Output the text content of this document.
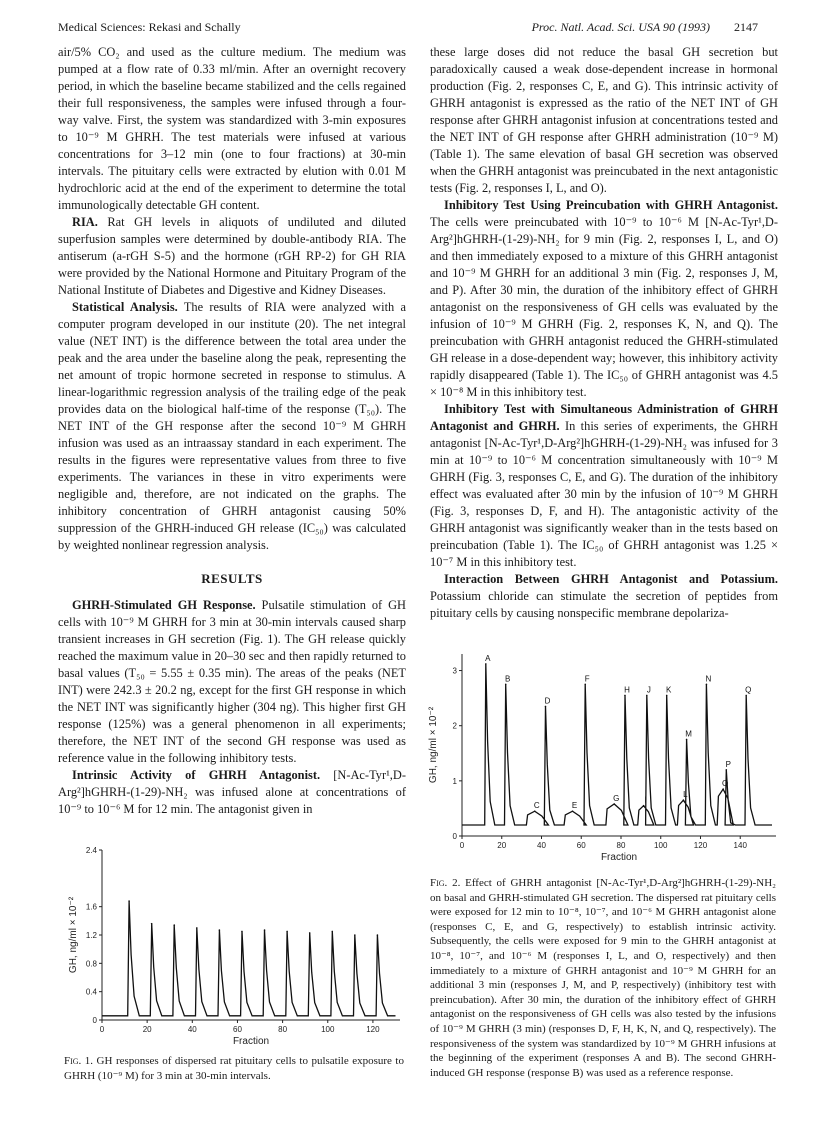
Medical Sciences: Rekasi and Schally	Proc. Natl. Acad. Sci. USA 90 (1993) 2147

air/5% CO₂ and used as the culture medium. The medium was pumped at a flow rate of 0.33 ml/min. After an overnight recovery period, in which the baseline became stabilized and the cells regained their full responsiveness, the samples were infused through a four-way valve. First, the system was standardized with 3-min exposures to 10⁻⁹ M GHRH. The test materials were infused at various concentrations for 3–12 min (one to four fractions) at 30-min intervals. The pituitary cells were extracted by elution with 0.01 M hydrochloric acid at the end of the experiment to determine the total immunologically detectable GH content.

RIA. Rat GH levels in aliquots of undiluted and diluted superfusion samples were determined by double-antibody RIA. The antiserum (a-rGH S-5) and the hormone (rGH RP-2) for GH RIA were provided by the National Hormone and Pituitary Program of the National Institute of Diabetes and Digestive and Kidney Diseases.

Statistical Analysis. The results of RIA were analyzed with a computer program developed in our institute (20). The net integral value (NET INT) is the difference between the total area under the peak and the area under the baseline along the peak, representing the net amount of tropic hormone secreted in response to stimulus. A linear-logarithmic regression analysis of the trailing edge of the peak provides data on the biological half-time of the response (T₅₀). The NET INT of the GH response after the second 10⁻⁹ M GHRH infusion was used as an intraassay standard in each experiment. The results in the figures were representative values from three to five experiments. The variances in these in vitro experiments were negligible and, therefore, are not indicated on the graphs. The inhibitory concentration of GHRH antagonist causing 50% suppression of the GHRH-induced GH release (IC₅₀) was calculated by weighted nonlinear regression analysis.

RESULTS

GHRH-Stimulated GH Response. Pulsatile stimulation of GH cells with 10⁻⁹ M GHRH for 3 min at 30-min intervals caused sharp transient increases in GH secretion (Fig. 1). The GH release quickly reached the maximum value in 20–30 sec and then rapidly returned to basal values (T₅₀ = 5.55 ± 0.35 min). The areas of the peaks (NET INT) were 242.3 ± 20.2 ng, except for the first GH response in which the NET INT was significantly higher (304 ng). This higher first GH response (125%) was a general phenomenon in all experiments; therefore, the NET INT of the second GH response was used as reference value in the following inhibitory tests.

Intrinsic Activity of GHRH Antagonist. [N-Ac-Tyr¹,D-Arg²]hGHRH-(1-29)-NH₂ was infused alone at concentrations of 10⁻⁹ to 10⁻⁶ M for 12 min. The antagonist given in

these large doses did not reduce the basal GH secretion but paradoxically caused a weak dose-dependent increase in hormonal production (Fig. 2, responses C, E, and G). This intrinsic activity of GHRH antagonist is expressed as the ratio of the NET INT of GH response after GHRH antagonist infusion at concentrations tested and the NET INT of GH response after GHRH administration (10⁻⁹ M) (Table 1). The same elevation of basal GH secretion was observed when the GHRH antagonist was preincubated in the next antagonistic tests (Fig. 2, responses I, L, and O).

Inhibitory Test Using Preincubation with GHRH Antagonist. The cells were preincubated with 10⁻⁹ to 10⁻⁶ M [N-Ac-Tyr¹,D-Arg²]hGHRH-(1-29)-NH₂ for 9 min (Fig. 2, responses I, L, and O) and then immediately exposed to a mixture of this GHRH antagonist and 10⁻⁹ M GHRH for an additional 3 min (Fig. 2, responses J, M, and P). After 30 min, the duration of the inhibitory effect of GHRH antagonist on the responsiveness of GH cells was evaluated by the infusion of 10⁻⁹ M GHRH (Fig. 2, responses K, N, and Q). The preincubation with GHRH antagonist reduced the GHRH-stimulated GH release in a dose-dependent way; however, this inhibitory activity rapidly disappeared (Table 1). The IC₅₀ of GHRH antagonist was 4.5 × 10⁻⁸ M in this inhibitory test.

Inhibitory Test with Simultaneous Administration of GHRH Antagonist and GHRH. In this series of experiments, the GHRH antagonist [N-Ac-Tyr¹,D-Arg²]hGHRH-(1-29)-NH₂ was infused for 3 min at 10⁻⁹ to 10⁻⁶ M concentration simultaneously with 10⁻⁹ M GHRH (Fig. 3, responses C, E, and G). The duration of the inhibitory effect was evaluated after 30 min by the infusion of 10⁻⁹ M GHRH (Fig. 3, responses D, F, and H). The antagonistic activity of the GHRH antagonist was significantly weaker than in the tests based on preincubation (Table 1). The IC₅₀ of GHRH antagonist was 1.25 × 10⁻⁷ M in this inhibitory test.

Interaction Between GHRH Antagonist and Potassium. Potassium chloride can stimulate the secretion of peptides from pituitary cells by causing nonspecific membrane depolariza-

0
0.4
0.8
1.2
1.6
2.4
0	20	40	60	80	100	120
Fraction
GH, ng/ml × 10⁻²
Fig. 1. GH responses of dispersed rat pituitary cells to pulsatile exposure to GHRH (10⁻⁹ M) for 3 min at 30-min intervals.
0
1
2
3
0	20	40	60	80	100	120	140
Fraction
GH, ng/ml × 10⁻²
A
B
C
D
E
F
G
H
I
J K
L
M
N
O
P
Q
Fig. 2. Effect of GHRH antagonist [N-Ac-Tyr¹,D-Arg²]hGHRH-(1-29)-NH₂ on basal and GHRH-stimulated GH secretion. The dispersed rat pituitary cells were exposed for 12 min to 10⁻⁸, 10⁻⁷, and 10⁻⁶ M GHRH antagonist alone (responses C, E, and G, respectively) to establish intrinsic activity. Subsequently, the cells were exposed for 9 min to the GHRH antagonist at 10⁻⁸, 10⁻⁷, and 10⁻⁶ M (responses I, L, and O, respectively) and then immediately to a mixture of GHRH antagonist and 10⁻⁹ M GHRH for an additional 3 min (responses J, M, and P, respectively) (inhibitory test with preincubation). After 30 min, the duration of the inhibitory effect of GHRH antagonist on the responsiveness of GH cells was also tested by the infusions of 10⁻⁹ M GHRH (3 min) (responses D, F, H, K, N, and Q, respectively). The responsiveness of the system was standardized by 10⁻⁹ M GHRH infusions at the beginning of the experiment (responses A and B). The second GHRH-induced GH response (response B) was used as a reference response.
